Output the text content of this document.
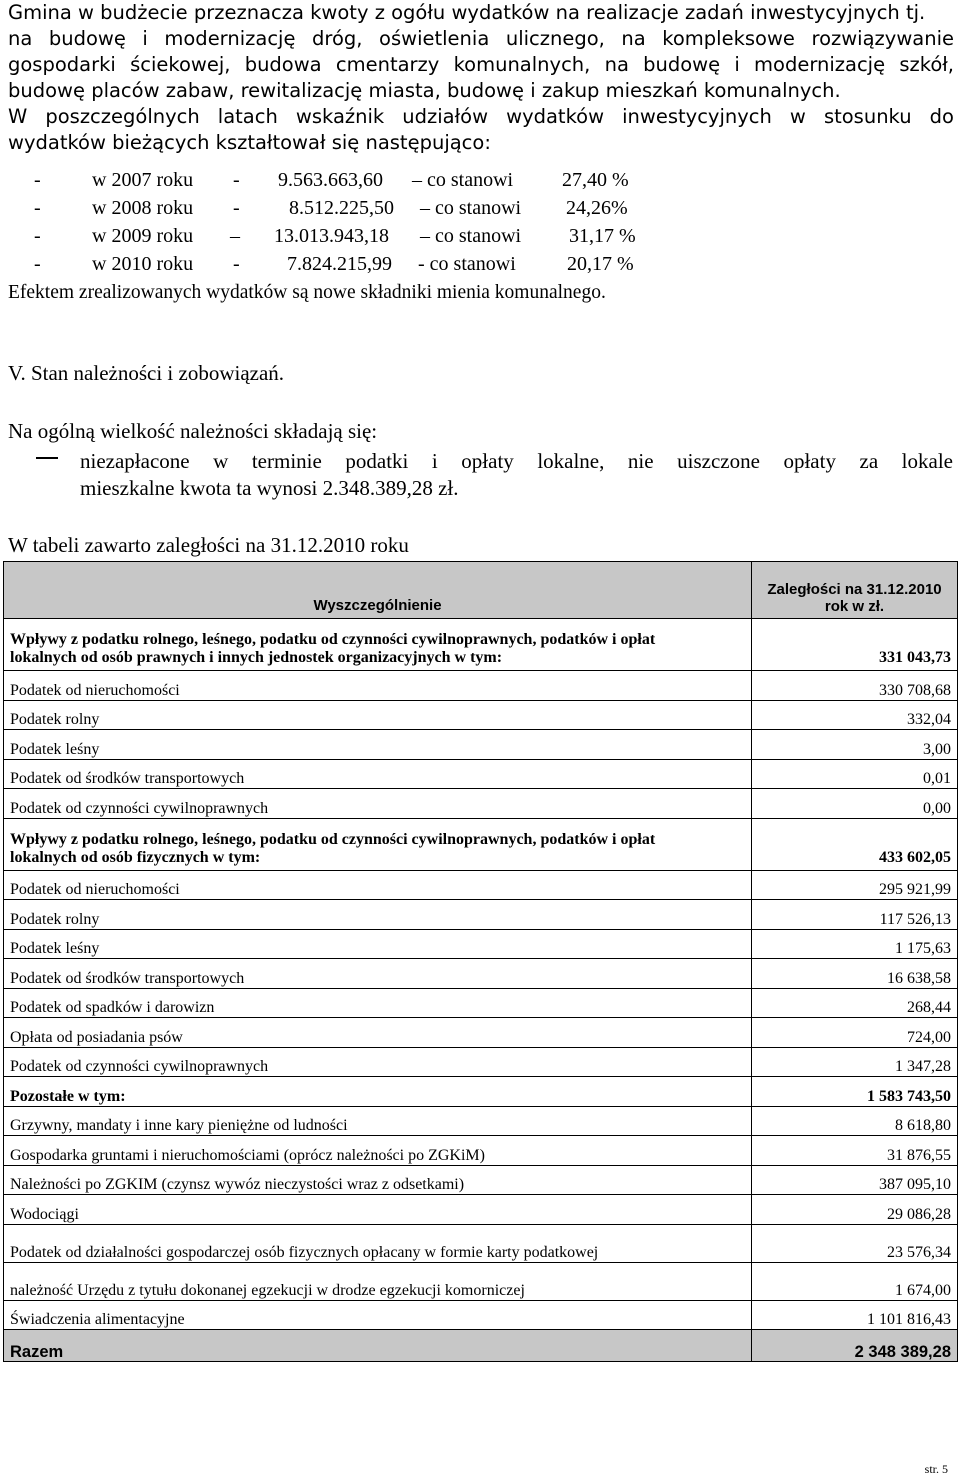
Gmina w budżecie przeznacza kwoty z ogółu wydatków na realizacje zadań inwestycyjnych tj.
na budowę i modernizację dróg, oświetlenia ulicznego, na kompleksowe rozwiązywanie
gospodarki ściekowej, budowa cmentarzy komunalnych, na budowę i modernizację szkół,
budowę placów zabaw, rewitalizację miasta, budowę i zakup mieszkań komunalnych.
W poszczególnych latach wskaźnik udziałów wydatków inwestycyjnych w stosunku do
wydatków bieżących kształtował się następująco:
-	w 2007 roku - 9.563.663,60 – co stanowi 27,40 %
-	w 2008 roku - 8.512.225,50 – co stanowi 24,26%
-	w 2009 roku – 13.013.943,18 – co stanowi 31,17 %
-	w 2010 roku - 7.824.215,99 - co stanowi	20,17 %
Efektem zrealizowanych wydatków są nowe składniki mienia komunalnego.
V. Stan należności i zobowiązań.
Na ogólną wielkość należności składają się:
niezapłacone w terminie podatki i opłaty lokalne, nie uiszczone opłaty za lokale
mieszkalne kwota ta wynosi 2.348.389,28 zł.
W tabeli zawarto zaległości na 31.12.2010 roku
Wyszczególnienie	Zaległości na 31.12.2010
rok w zł.

Wpływy z podatku rolnego, leśnego, podatku od czynności cywilnoprawnych, podatków i opłat lokalnych od osób prawnych i innych jednostek organizacyjnych w tym:	331 043,73
Podatek od nieruchomości	330 708,68
Podatek rolny	332,04
Podatek leśny	3,00
Podatek od środków transportowych	0,01
Podatek od czynności cywilnoprawnych	0,00
Wpływy z podatku rolnego, leśnego, podatku od czynności cywilnoprawnych, podatków i opłat lokalnych od osób fizycznych w tym:	433 602,05
Podatek od nieruchomości	295 921,99
Podatek rolny	117 526,13
Podatek leśny	1 175,63
Podatek od środków transportowych	16 638,58
Podatek od spadków i darowizn	268,44
Opłata od posiadania psów	724,00
Podatek od czynności cywilnoprawnych	1 347,28
Pozostałe w tym:	1 583 743,50
Grzywny, mandaty i inne kary pieniężne od ludności	8 618,80
Gospodarka gruntami i nieruchomościami (oprócz należności po ZGKiM)	31 876,55
Należności po ZGKIM (czynsz wywóz nieczystości wraz z odsetkami)	387 095,10
Wodociągi	29 086,28
Podatek od działalności gospodarczej osób fizycznych opłacany w formie karty podatkowej	23 576,34
należność Urzędu z tytułu dokonanej egzekucji w drodze egzekucji komorniczej	1 674,00
Świadczenia alimentacyjne	1 101 816,43
Razem	2 348 389,28
str. 5
